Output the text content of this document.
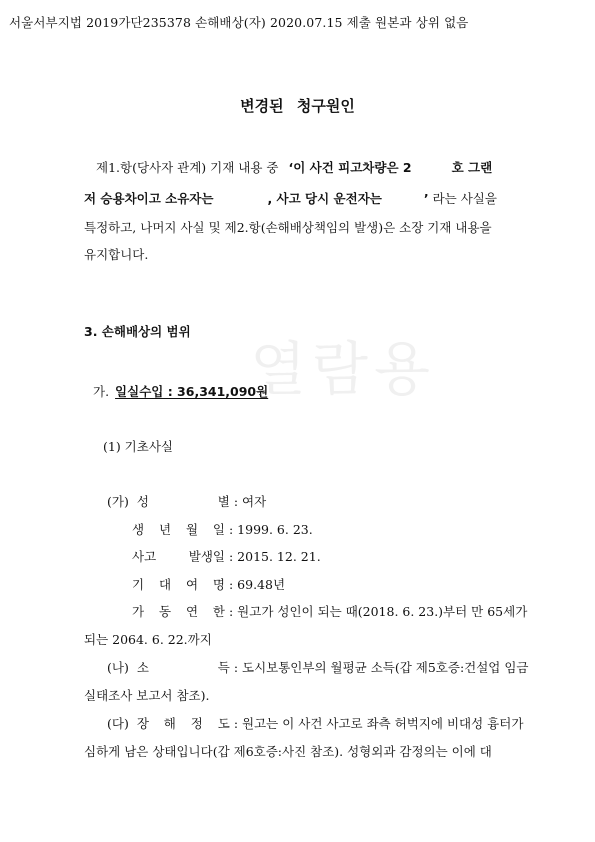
서울서부지법 2019가단235378 손해배상(자) 2020.07.15 제출 원본과 상위 없음
열람용
변경된 청구원인
제1.항(당사자 관계) 기재 내용 중 ‘이 사건 피고차량은 2	호 그랜
저 승용차이고 소유자는	, 사고 당시 운전자는	’ 라는 사실을
특정하고, 나머지 사실 및 제2.항(손해배상책임의 발생)은 소장 기재 내용을
유지합니다.
3. 손해배상의 범위
가. 일실수입 : 36,341,090원
(1) 기초사실
(가) 성 별 : 여자
생 년 월 일 : 1999. 6. 23.
사고 발생일 : 2015. 12. 21.
기 대 여 명 : 69.48년
가 동 연 한 : 원고가 성인이 되는 때(2018. 6. 23.)부터 만 65세가
되는 2064. 6. 22.까지
(나) 소 득 : 도시보통인부의 월평균 소득(갑 제5호증:건설업 임금
실태조사 보고서 참조).
(다) 장 해 정 도 : 원고는 이 사건 사고로 좌측 허벅지에 비대성 흉터가
심하게 남은 상태입니다(갑 제6호증:사진 참조). 성형외과 감정의는 이에 대
